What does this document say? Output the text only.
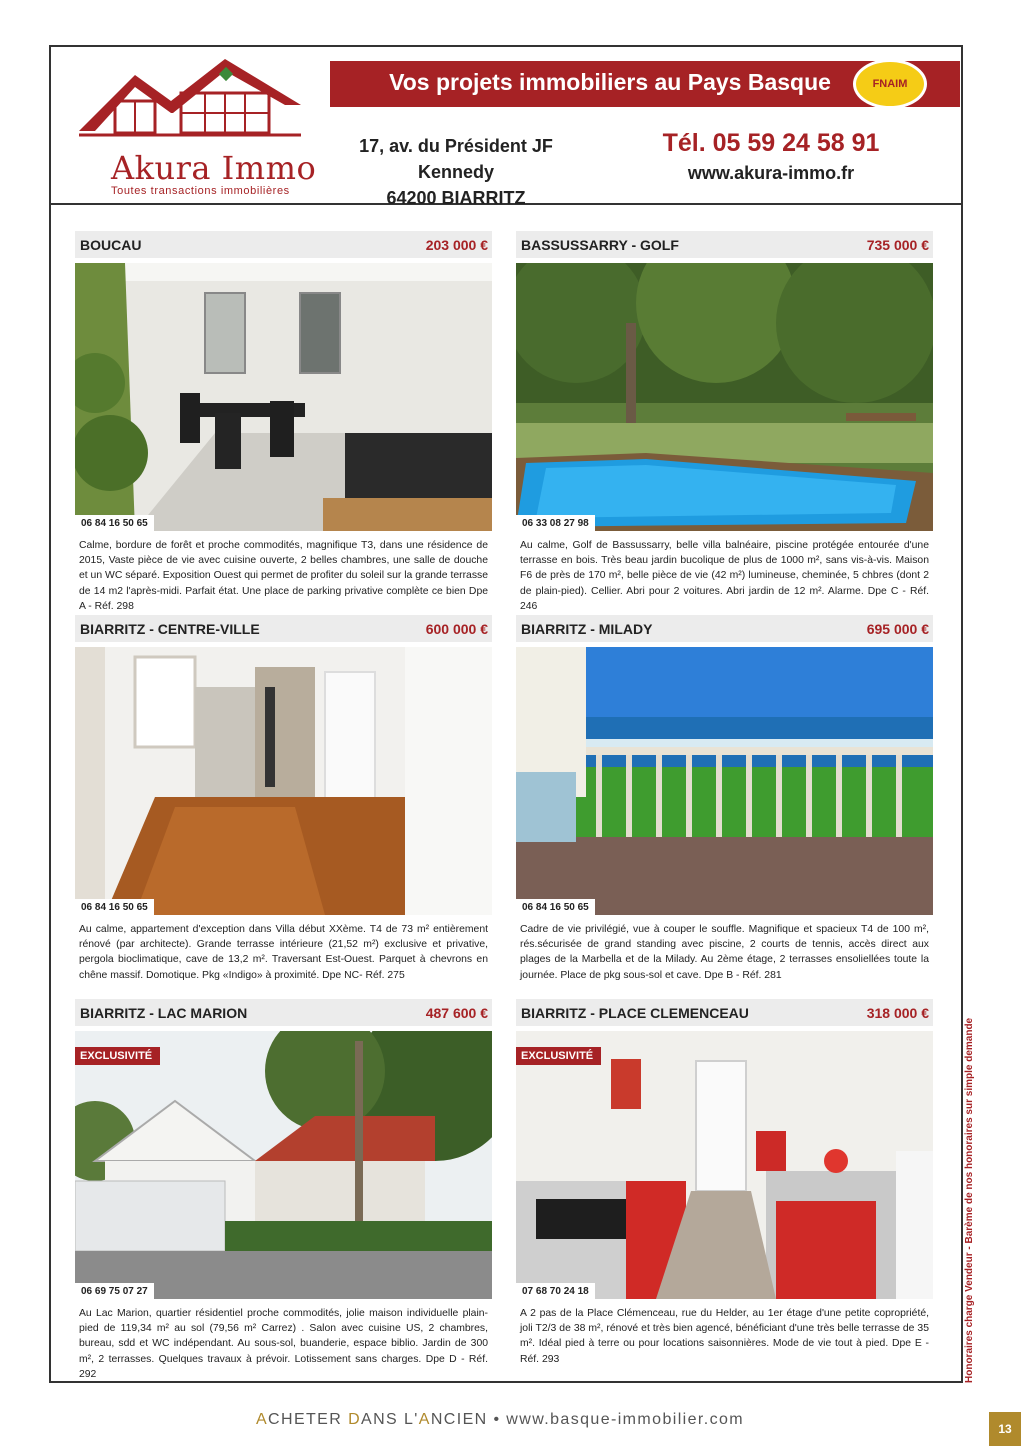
Akura Immo
Toutes transactions immobilières
Vos projets immobiliers au Pays Basque	FNAIM
17, av. du Président JF Kennedy
64200 BIARRITZ
Tél. 05 59 24 58 91
www.akura-immo.fr
BOUCAU	203 000 €
06 84 16 50 65
Calme, bordure de forêt et proche commodités, magnifique T3, dans une résidence de 2015, Vaste pièce de vie avec cuisine ouverte, 2 belles chambres, une salle de douche et un WC séparé. Exposition Ouest qui permet de profiter du soleil sur la grande terrasse de 14 m2 l'après-midi. Parfait état. Une place de parking privative complète ce bien Dpe A - Réf. 298
BASSUSSARRY - GOLF	735 000 €
06 33 08 27 98
Au calme, Golf de Bassussarry, belle villa balnéaire, piscine protégée entourée d'une terrasse en bois. Très beau jardin bucolique de plus de 1000 m², sans vis-à-vis. Maison F6 de près de 170 m², belle pièce de vie (42 m²) lumineuse, cheminée, 5 chbres (dont 2 de plain-pied). Cellier. Abri pour 2 voitures. Abri jardin de 12 m². Alarme. Dpe C - Réf. 246
BIARRITZ - CENTRE-VILLE	600 000 €
06 84 16 50 65
Au calme, appartement d'exception dans Villa début XXème. T4 de 73 m² entièrement rénové (par architecte). Grande terrasse intérieure (21,52 m²) exclusive et privative, pergola bioclimatique, cave de 13,2 m². Traversant Est-Ouest. Parquet à chevrons en chêne massif. Domotique. Pkg «Indigo» à proximité. Dpe NC- Réf. 275
BIARRITZ - MILADY	695 000 €
06 84 16 50 65
Cadre de vie privilégié, vue à couper le souffle. Magnifique et spacieux T4 de 100 m², rés.sécurisée de grand standing avec piscine, 2 courts de tennis, accès direct aux plages de la Marbella et de la Milady. Au 2ème étage, 2 terrasses ensoliellées toute la journée. Place de pkg sous-sol et cave. Dpe B - Réf. 281
BIARRITZ - LAC MARION	487 600 €
EXCLUSIVITÉ
06 69 75 07 27
Au Lac Marion, quartier résidentiel proche commodités, jolie maison individuelle plain-pied de 119,34 m² au sol (79,56 m² Carrez) . Salon avec cuisine US, 2 chambres, bureau, sdd et WC indépendant. Au sous-sol, buanderie, espace biblio. Jardin de 300 m², 2 terrasses. Quelques travaux à prévoir. Lotissement sans charges. Dpe D - Réf. 292
BIARRITZ - PLACE CLEMENCEAU	318 000 €
EXCLUSIVITÉ
07 68 70 24 18
A 2 pas de la Place Clémenceau, rue du Helder, au 1er étage d'une petite copropriété, joli T2/3 de 38 m², rénové et très bien agencé, bénéficiant d'une très belle terrasse de 35 m². Idéal pied à terre ou pour locations saisonnières. Mode de vie tout à pied. Dpe E - Réf. 293	Honoraires charge Vendeur - Barème de nos honoraires sur simple demande
ACHETER DANS L'ANCIEN • www.basque-immobilier.com
13
